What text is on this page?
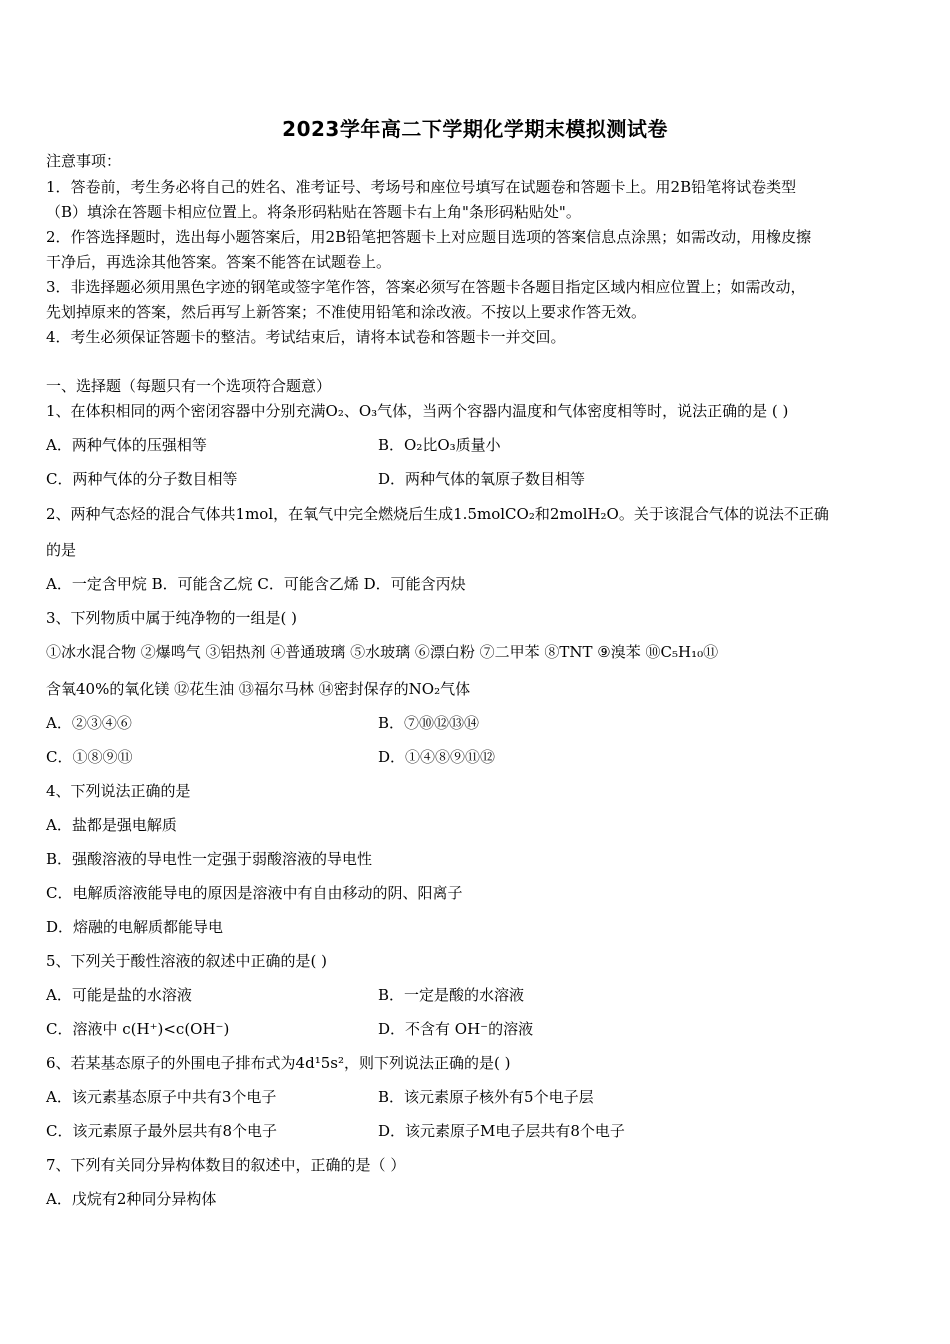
2023学年高二下学期化学期末模拟测试卷
注意事项：
1．答卷前，考生务必将自己的姓名、准考证号、考场号和座位号填写在试题卷和答题卡上。用2B铅笔将试卷类型
（B）填涂在答题卡相应位置上。将条形码粘贴在答题卡右上角"条形码粘贴处"。
2．作答选择题时，选出每小题答案后，用2B铅笔把答题卡上对应题目选项的答案信息点涂黑；如需改动，用橡皮擦
干净后，再选涂其他答案。答案不能答在试题卷上。
3．非选择题必须用黑色字迹的钢笔或签字笔作答，答案必须写在答题卡各题目指定区域内相应位置上；如需改动，
先划掉原来的答案，然后再写上新答案；不准使用铅笔和涂改液。不按以上要求作答无效。
4．考生必须保证答题卡的整洁。考试结束后，请将本试卷和答题卡一并交回。
一、选择题（每题只有一个选项符合题意）
1、在体积相同的两个密闭容器中分别充满O₂、O₃气体，当两个容器内温度和气体密度相等时，说法正确的是 ( )
A．两种气体的压强相等	B．O₂比O₃质量小
C．两种气体的分子数目相等	D．两种气体的氧原子数目相等
2、两种气态烃的混合气体共1mol，在氧气中完全燃烧后生成1.5molCO₂和2molH₂O。关于该混合气体的说法不正确
的是
A．一定含甲烷 B．可能含乙烷 C．可能含乙烯 D．可能含丙炔
3、下列物质中属于纯净物的一组是( )
①冰水混合物 ②爆鸣气 ③铝热剂 ④普通玻璃 ⑤水玻璃 ⑥漂白粉 ⑦二甲苯 ⑧TNT ⑨溴苯 ⑩C₅H₁₀⑪
含氧40%的氧化镁 ⑫花生油 ⑬福尔马林 ⑭密封保存的NO₂气体
A．②③④⑥	B．⑦⑩⑫⑬⑭
C．①⑧⑨⑪	D．①④⑧⑨⑪⑫
4、下列说法正确的是
A．盐都是强电解质
B．强酸溶液的导电性一定强于弱酸溶液的导电性
C．电解质溶液能导电的原因是溶液中有自由移动的阴、阳离子
D．熔融的电解质都能导电
5、下列关于酸性溶液的叙述中正确的是( )
A．可能是盐的水溶液	B．一定是酸的水溶液
C．溶液中 c(H⁺)<c(OH⁻)	D．不含有 OH⁻的溶液
6、若某基态原子的外围电子排布式为4d¹5s²，则下列说法正确的是( )
A．该元素基态原子中共有3个电子	B．该元素原子核外有5个电子层
C．该元素原子最外层共有8个电子	D．该元素原子M电子层共有8个电子
7、下列有关同分异构体数目的叙述中，正确的是（ ）
A．戊烷有2种同分异构体
